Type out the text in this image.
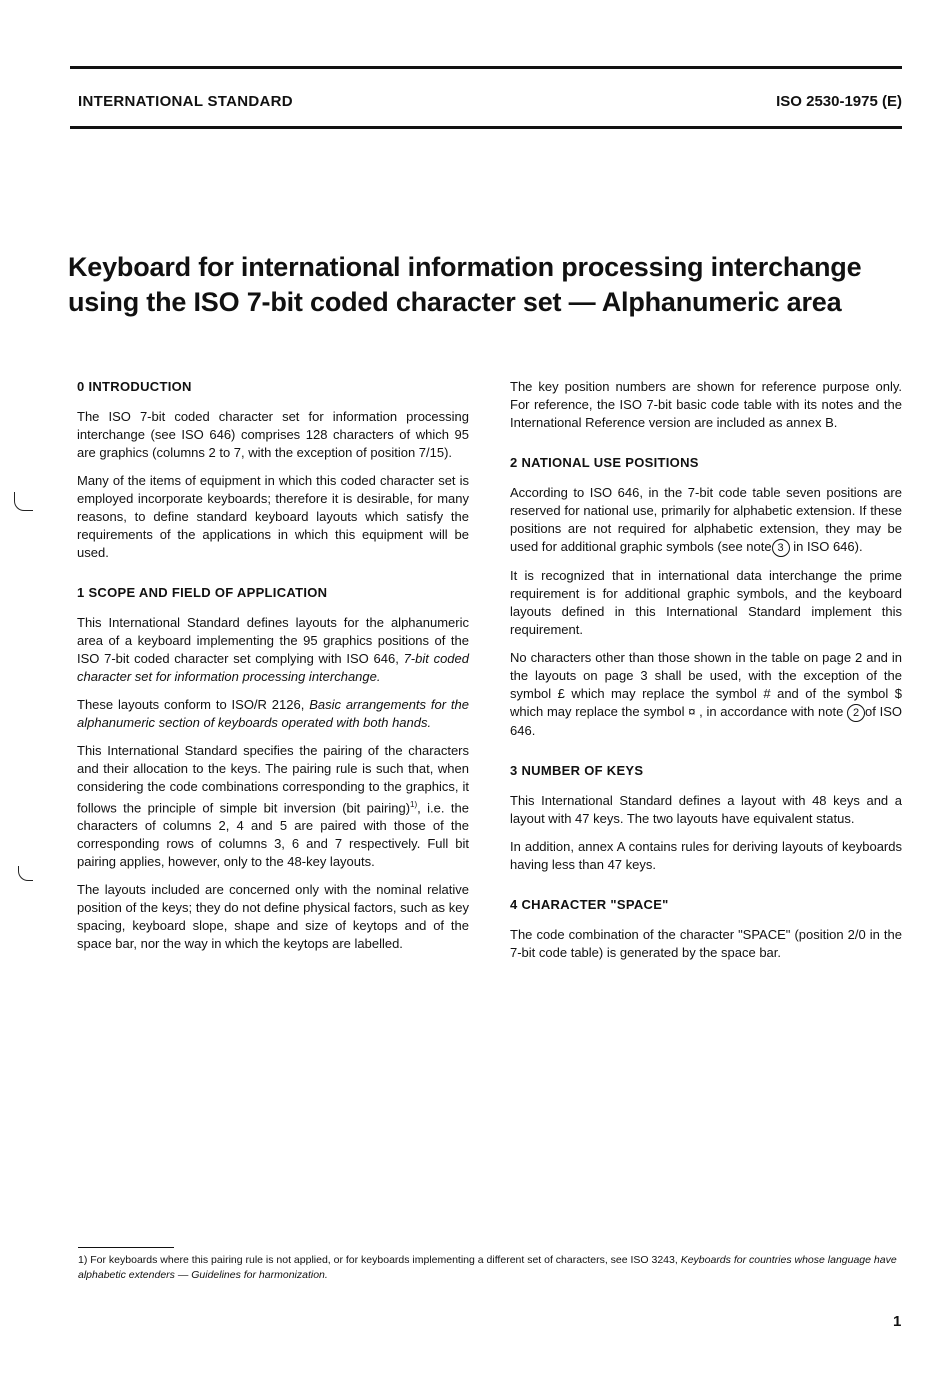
INTERNATIONAL STANDARD	ISO 2530-1975 (E)
Keyboard for international information processing interchange
using the ISO 7-bit coded character set — Alphanumeric area
0 INTRODUCTION

The ISO 7-bit coded character set for information processing interchange (see ISO 646) comprises 128 characters of which 95 are graphics (columns 2 to 7, with the exception of position 7/15).

Many of the items of equipment in which this coded character set is employed incorporate keyboards; therefore it is desirable, for many reasons, to define standard keyboard layouts which satisfy the requirements of the applications in which this equipment will be used.

1 SCOPE AND FIELD OF APPLICATION

This International Standard defines layouts for the alphanumeric area of a keyboard implementing the 95 graphics positions of the ISO 7-bit coded character set complying with ISO 646, 7-bit coded character set for information processing interchange.

These layouts conform to ISO/R 2126, Basic arrangements for the alphanumeric section of keyboards operated with both hands.

This International Standard specifies the pairing of the characters and their allocation to the keys. The pairing rule is such that, when considering the code combinations corresponding to the graphics, it follows the principle of simple bit inversion (bit pairing)$^{1)}$, i.e. the characters of columns 2, 4 and 5 are paired with those of the corresponding rows of columns 3, 6 and 7 respectively. Full bit pairing applies, however, only to the 48-key layouts.

The layouts included are concerned only with the nominal relative position of the keys; they do not define physical factors, such as key spacing, keyboard slope, shape and size of keytops and of the space bar, nor the way in which the keytops are labelled.

The key position numbers are shown for reference purpose only. For reference, the ISO 7-bit basic code table with its notes and the International Reference version are included as annex B.

2 NATIONAL USE POSITIONS

According to ISO 646, in the 7-bit code table seven positions are reserved for national use, primarily for alphabetic extension. If these positions are not required for alphabetic extension, they may be used for additional graphic symbols (see note 3 in ISO 646).

It is recognized that in international data interchange the prime requirement is for additional graphic symbols, and the keyboard layouts defined in this International Standard implement this requirement.

No characters other than those shown in the table on page 2 and in the layouts on page 3 shall be used, with the exception of the symbol £ which may replace the symbol # and of the symbol $ which may replace the symbol ¤ , in accordance with note 2 of ISO 646.

3 NUMBER OF KEYS

This International Standard defines a layout with 48 keys and a layout with 47 keys. The two layouts have equivalent status.

In addition, annex A contains rules for deriving layouts of keyboards having less than 47 keys.

4 CHARACTER "SPACE"

The code combination of the character "SPACE" (position 2/0 in the 7-bit code table) is generated by the space bar.

1) For keyboards where this pairing rule is not applied, or for keyboards implementing a different set of characters, see ISO 3243, Keyboards for countries whose language have alphabetic extenders — Guidelines for harmonization.
1
